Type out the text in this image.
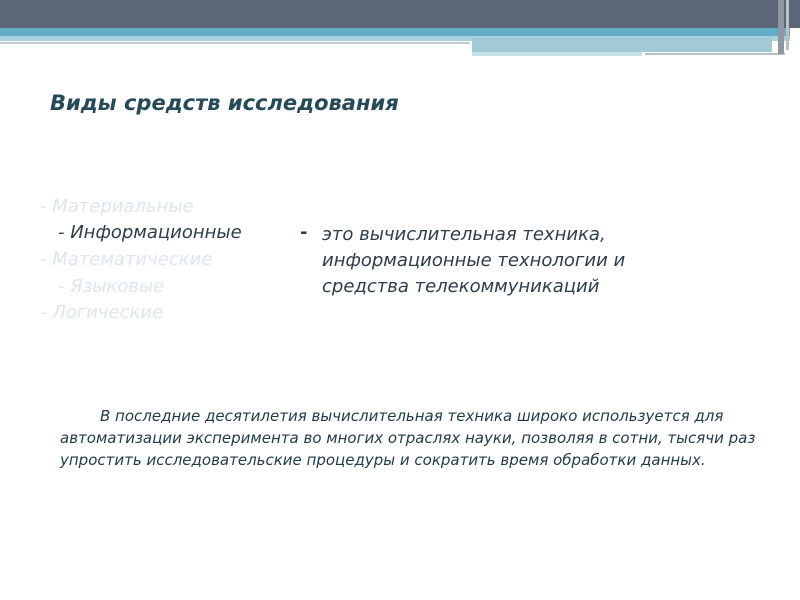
Виды средств исследования
- Материальные
- Информационные
- Математические
- Языковые
- Логические
- это вычислительная техника,
информационные технологии и
средства телекоммуникаций

В последние десятилетия вычислительная техника широко используется для автоматизации эксперимента во многих отраслях науки, позволяя в сотни, тысячи раз упростить исследовательские процедуры и сократить время обработки данных.
